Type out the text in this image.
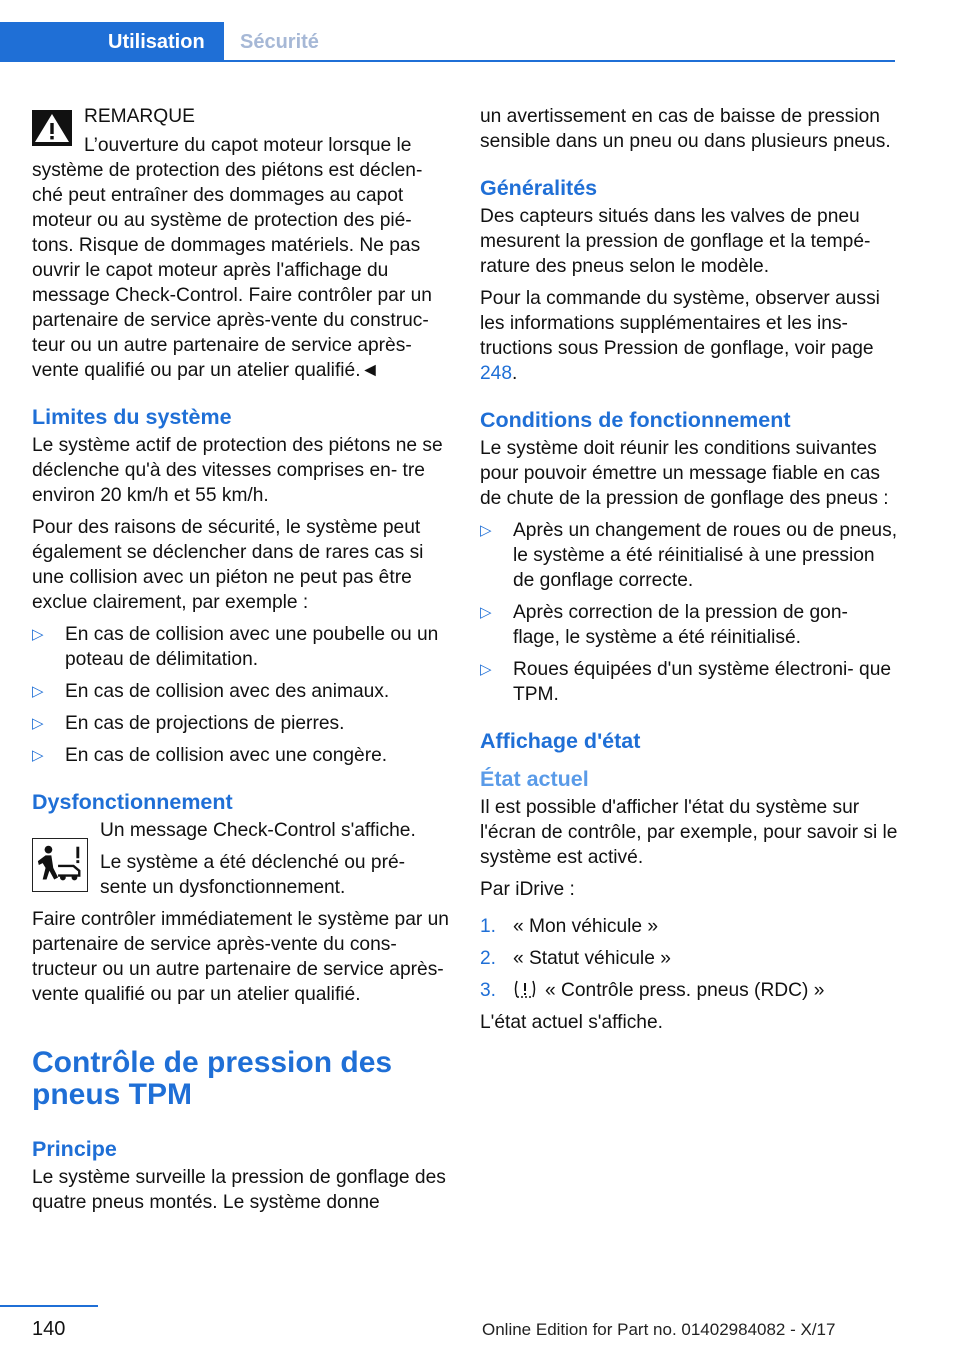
Utilisation	Sécurité

REMARQUE

L’ouverture du capot moteur lorsque le système de protection des piétons est déclen‐ ché peut entraîner des dommages au capot moteur ou au système de protection des pié‐ tons. Risque de dommages matériels. Ne pas ouvrir le capot moteur après l'affichage du message Check-Control. Faire contrôler par un partenaire de service après-vente du construc‐ teur ou un autre partenaire de service après- vente qualifié ou par un atelier qualifié.◄

Limites du système

Le système actif de protection des piétons ne se déclenche qu'à des vitesses comprises en‐ tre environ 20 km/h et 55 km/h.

Pour des raisons de sécurité, le système peut également se déclencher dans de rares cas si une collision avec un piéton ne peut pas être exclue clairement, par exemple :

▷ En cas de collision avec une poubelle ou un poteau de délimitation.
▷ En cas de collision avec des animaux.
▷ En cas de projections de pierres.
▷ En cas de collision avec une congère.
Dysfonctionnement

Un message Check-Control s'affiche.

Le système a été déclenché ou pré‐ sente un dysfonctionnement.

Faire contrôler immédiatement le système par un partenaire de service après-vente du cons‐ tructeur ou un autre partenaire de service après-vente qualifié ou par un atelier qualifié.

Contrôle de pression des pneus TPM
Principe

Le système surveille la pression de gonflage des quatre pneus montés. Le système donne

un avertissement en cas de baisse de pression sensible dans un pneu ou dans plusieurs pneus.

Généralités

Des capteurs situés dans les valves de pneu mesurent la pression de gonflage et la tempé‐ rature des pneus selon le modèle.

Pour la commande du système, observer aussi les informations supplémentaires et les ins‐ tructions sous Pression de gonflage, voir page 248.

Conditions de fonctionnement

Le système doit réunir les conditions suivantes pour pouvoir émettre un message fiable en cas de chute de la pression de gonflage des pneus :

▷ Après un changement de roues ou de pneus, le système a été réinitialisé à une pression de gonflage correcte.
▷ Après correction de la pression de gon‐ flage, le système a été réinitialisé.
▷ Roues équipées d'un système électroni‐ que TPM.
Affichage d'état
État actuel

Il est possible d'afficher l'état du système sur l'écran de contrôle, par exemple, pour savoir si le système est activé.

Par iDrive :

1. « Mon véhicule »
2. « Statut véhicule »
3.	« Contrôle press. pneus (RDC) »

L'état actuel s'affiche.

140	Online Edition for Part no. 01402984082 - X/17
